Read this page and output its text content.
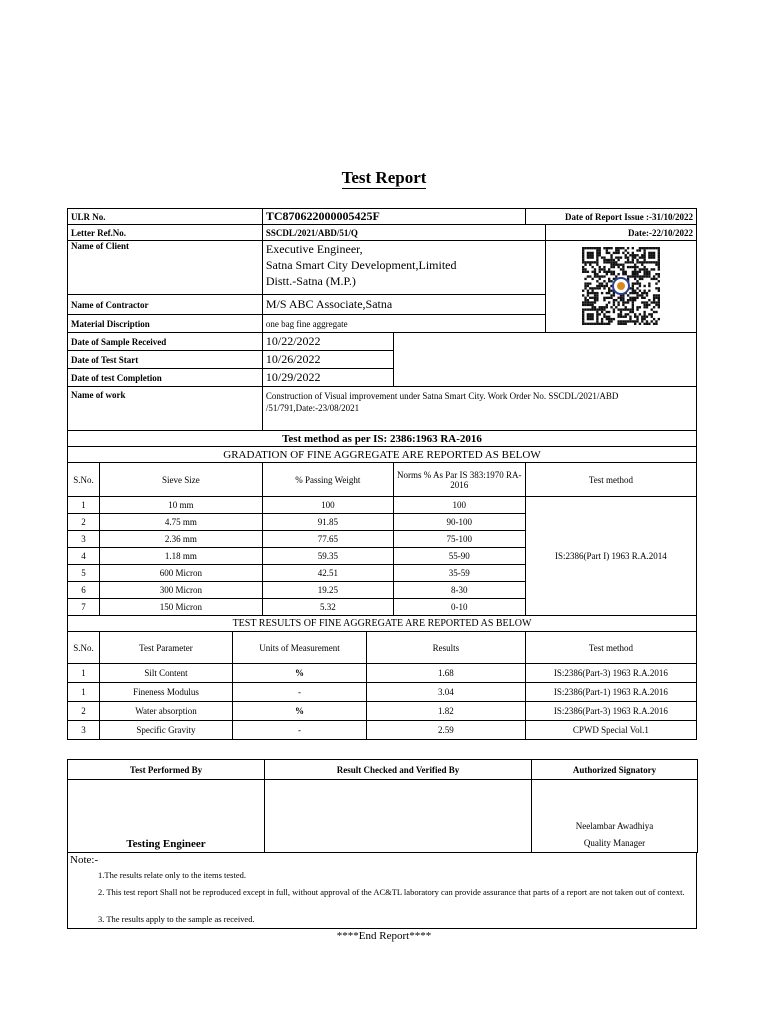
Test Report
ULR No.			TC870622000005425F			Date of Report Issue :-31/10/2022	
Letter Ref.No.			SSCDL/2021/ABD/51/Q				Date:-22/10/2022
Name of Client			Executive Engineer,
Satna Smart City Development,Limited
Distt.-Satna (M.P.)

Name of Contractor			M/S ABC Associate,Satna				
Material Discription			one bag fine aggregate				
Date of Sample Received			10/22/2022				
Date of Test Start			10/26/2022				
Date of test Completion			10/29/2022				
Name of work			Construction of Visual improvement under Satna Smart City. Work Order No. SSCDL/2021/ABD
/51/791,Date:-23/08/2021				

Test method as per IS: 2386:1963 RA-2016							
GRADATION OF FINE AGGREGATE ARE REPORTED AS BELOW							
S.No.	Sieve Size		% Passing Weight		Norms % As Par IS 383:1970 RA-2016	Test method	
1	10 mm		100		100	IS:2386(Part I) 1963 R.A.2014	
2	4.75 mm		91.85		90-100		
3	2.36 mm		77.65		75-100		
4	1.18 mm		59.35		55-90		
5	600 Micron		42.51		35-59		
6	300 Micron		19.25		8-30		
7	150 Micron		5.32		0-10		
TEST RESULTS OF FINE AGGREGATE ARE REPORTED AS BELOW							
S.No.	Test Parameter	Units of Measurement		Results		Test method	
1	Silt Content	%		1.68		IS:2386(Part-3) 1963 R.A.2016	
1	Fineness Modulus	-		3.04		IS:2386(Part-1) 1963 R.A.2016	
2	Water absorption	%		1.82		IS:2386(Part-3) 1963 R.A.2016	
3	Specific Gravity	-		2.59		CPWD Special Vol.1	
Test Performed By	Result Checked and Verified By	Authorized Signatory
Testing Engineer		Neelambar Awadhiya
Quality Manager
Note:-
1.The results relate only to the items tested.
2. This test report Shall not be reproduced except in full, without approval of the AC&TL laboratory can provide assurance that parts of a report are not taken out of context.
3. The results apply to the sample as received.
****End Report****
